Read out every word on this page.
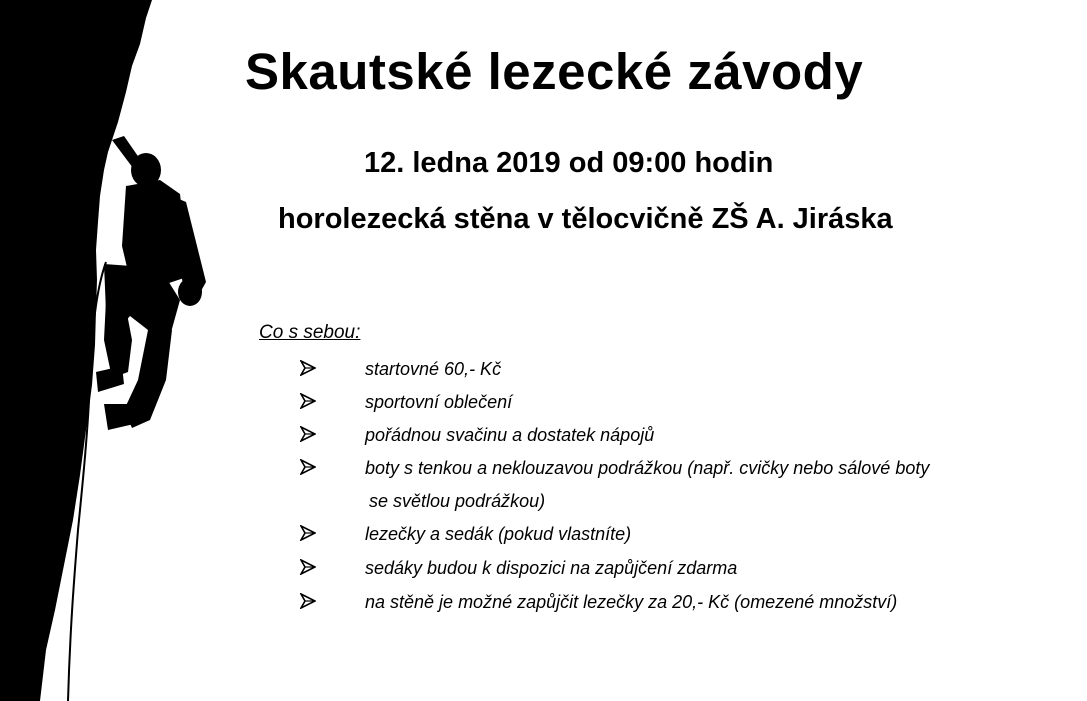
Skautské lezecké závody
12. ledna 2019 od 09:00 hodin
horolezecká stěna v tělocvičně ZŠ A. Jiráska
Co s sebou:
startovné 60,- Kč
sportovní oblečení
pořádnou svačinu a dostatek nápojů
boty s tenkou a neklouzavou podrážkou (např. cvičky nebo sálové boty
se světlou podrážkou)
lezečky a sedák (pokud vlastníte)
sedáky budou k dispozici na zapůjčení zdarma
na stěně je možné zapůjčit lezečky za 20,- Kč (omezené množství)
